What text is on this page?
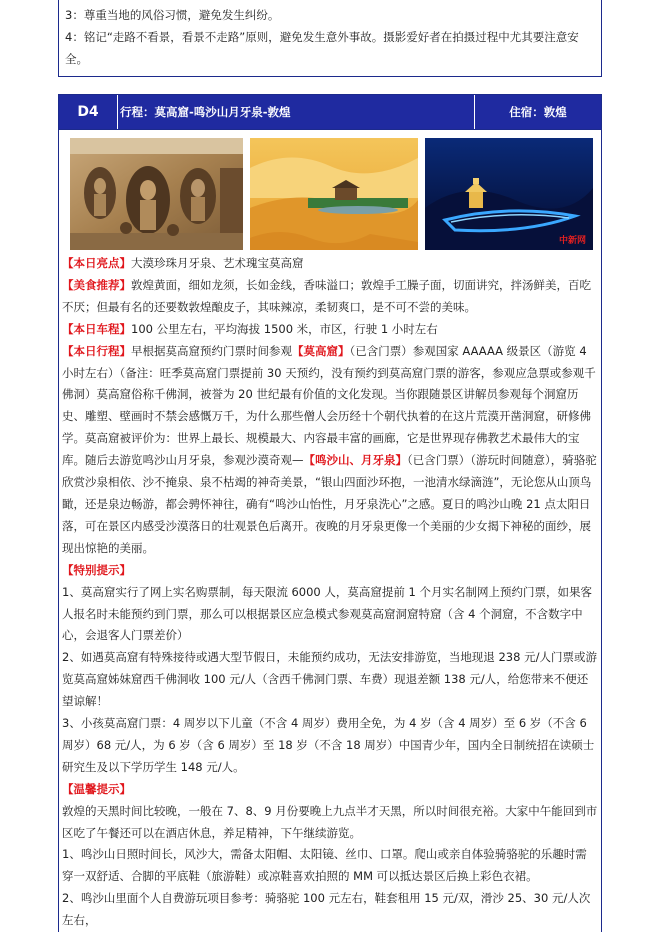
3：尊重当地的风俗习惯，避免发生纠纷。

4：铭记“走路不看景，看景不走路”原则，避免发生意外事故。摄影爱好者在拍摄过程中尤其要注意安全。

D4	行程：莫高窟-鸣沙山月牙泉-敦煌	住宿：敦煌
中新网

【本日亮点】大漠珍珠月牙泉、艺术瑰宝莫高窟

【美食推荐】敦煌黄面，细如龙须，长如金线，香味溢口；敦煌手工臊子面，切面讲究，拌汤鲜美，百吃不厌；但最有名的还要数敦煌酿皮子，其味辣凉，柔韧爽口，是不可不尝的美味。

【本日车程】100 公里左右，平均海拔 1500 米，市区，行驶 1 小时左右

【本日行程】早根据莫高窟预约门票时间参观【莫高窟】（已含门票）参观国家 AAAAA 级景区（游览 4 小时左右）（备注：旺季莫高窟门票提前 30 天预约，没有预约到莫高窟门票的游客，参观应急票或参观千佛洞）莫高窟俗称千佛洞，被誉为 20 世纪最有价值的文化发现。当你跟随景区讲解员参观每个洞窟历史、雕塑、壁画时不禁会感慨万千，为什么那些僧人会历经十个朝代执着的在这片荒漠开凿洞窟，研修佛学。莫高窟被评价为：世界上最长、规模最大、内容最丰富的画廊，它是世界现存佛教艺术最伟大的宝库。随后去游览鸣沙山月牙泉，参观沙漠奇观—【鸣沙山、月牙泉】（已含门票）（游玩时间随意），骑骆驼欣赏沙泉相依、沙不掩泉、泉不枯竭的神奇美景，“银山四面沙环抱，一池清水绿滴涟”，无论您从山顶鸟瞰，还是泉边畅游，都会骋怀神往，确有“鸣沙山怡性，月牙泉洗心”之感。夏日的鸣沙山晚 21 点太阳日落，可在景区内感受沙漠落日的壮观景色后离开。夜晚的月牙泉更像一个美丽的少女揭下神秘的面纱，展现出惊艳的美丽。

【特别提示】

1、莫高窟实行了网上实名购票制，每天限流 6000 人，莫高窟提前 1 个月实名制网上预约门票，如果客人报名时未能预约到门票，那么可以根据景区应急模式参观莫高窟洞窟特窟（含 4 个洞窟，不含数字中心，会退客人门票差价）

2、如遇莫高窟有特殊接待或遇大型节假日，未能预约成功，无法安排游览，当地现退 238 元/人门票或游览莫高窟姊妹窟西千佛洞收 100 元/人（含西千佛洞门票、车费）现退差额 138 元/人，给您带来不便还望谅解！

3、小孩莫高窟门票：4 周岁以下儿童（不含 4 周岁）费用全免，为 4 岁（含 4 周岁）至 6 岁（不含 6 周岁）68 元/人，为 6 岁（含 6 周岁）至 18 岁（不含 18 周岁）中国青少年，国内全日制统招在读硕士研究生及以下学历学生 148 元/人。

【温馨提示】

敦煌的天黑时间比较晚，一般在 7、8、9 月份要晚上九点半才天黑，所以时间很充裕。大家中午能回到市区吃了午餐还可以在酒店休息，养足精神，下午继续游览。

1、鸣沙山日照时间长，风沙大，需备太阳帽、太阳镜、丝巾、口罩。爬山或亲自体验骑骆驼的乐趣时需穿一双舒适、合脚的平底鞋（旅游鞋）或凉鞋喜欢拍照的 MM 可以抵达景区后换上彩色衣裙。

2、鸣沙山里面个人自费游玩项目参考：骑骆驼 100 元左右，鞋套租用 15 元/双，滑沙 25、30 元/人次左右，
